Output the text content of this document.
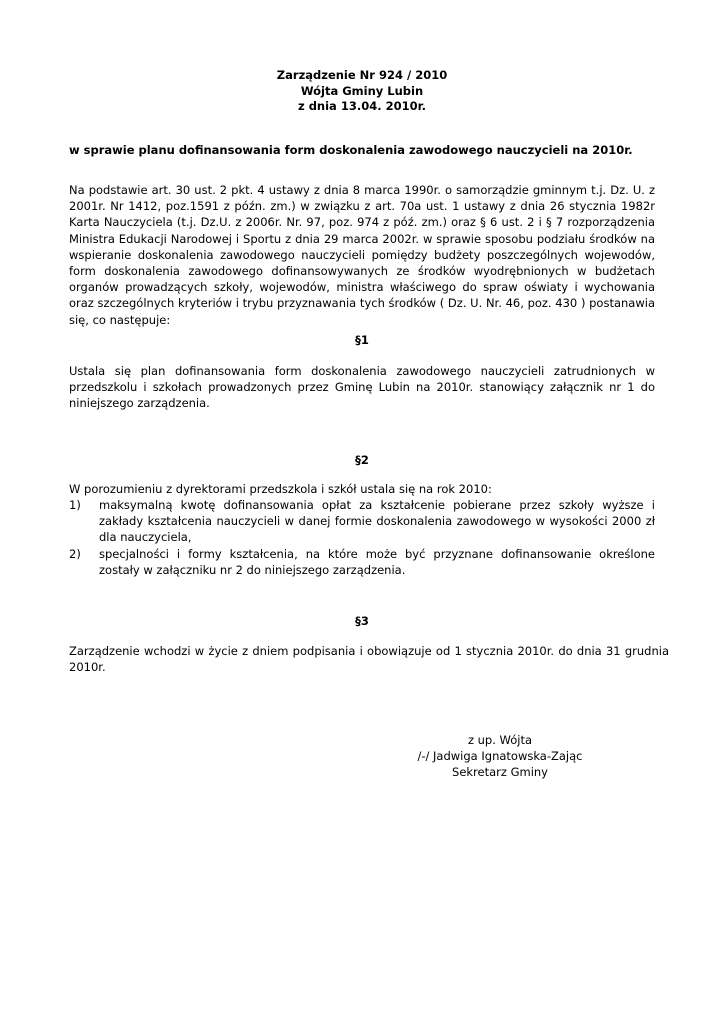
Zarządzenie Nr 924 / 2010
Wójta Gminy Lubin
z dnia 13.04. 2010r.
w sprawie planu dofinansowania form doskonalenia zawodowego nauczycieli na 2010r.
Na podstawie art. 30 ust. 2 pkt. 4 ustawy z dnia 8 marca 1990r. o samorządzie gminnym t.j. Dz. U. z 2001r. Nr 1412, poz.1591 z późn. zm.) w związku z art. 70a ust. 1 ustawy z dnia 26 stycznia 1982r Karta Nauczyciela (t.j. Dz.U. z 2006r. Nr. 97, poz. 974 z póź. zm.) oraz § 6 ust. 2 i § 7 rozporządzenia Ministra Edukacji Narodowej i Sportu z dnia 29 marca 2002r. w sprawie sposobu podziału środków na wspieranie doskonalenia zawodowego nauczycieli pomiędzy budżety poszczególnych wojewodów, form doskonalenia zawodowego dofinansowywanych ze środków wyodrębnionych w budżetach organów prowadzących szkoły, wojewodów, ministra właściwego do spraw oświaty i wychowania oraz szczególnych kryteriów i trybu przyznawania tych środków ( Dz. U. Nr. 46, poz. 430 ) postanawia się, co następuje:
§1
Ustala się plan dofinansowania form doskonalenia zawodowego nauczycieli zatrudnionych w przedszkolu i szkołach prowadzonych przez Gminę Lubin na 2010r. stanowiący załącznik nr 1 do niniejszego zarządzenia.
§2
W porozumieniu z dyrektorami przedszkola i szkół ustala się na rok 2010:
1)	maksymalną kwotę dofinansowania opłat za kształcenie pobierane przez szkoły wyższe i zakłady kształcenia nauczycieli w danej formie doskonalenia zawodowego w wysokości 2000 zł dla nauczyciela,
2)	specjalności i formy kształcenia, na które może być przyznane dofinansowanie określone zostały w załączniku nr 2 do niniejszego zarządzenia.
§3
Zarządzenie wchodzi w życie z dniem podpisania i obowiązuje od 1 stycznia 2010r. do dnia 31 grudnia 2010r.
z up. Wójta
/-/ Jadwiga Ignatowska-Zając
Sekretarz Gminy
